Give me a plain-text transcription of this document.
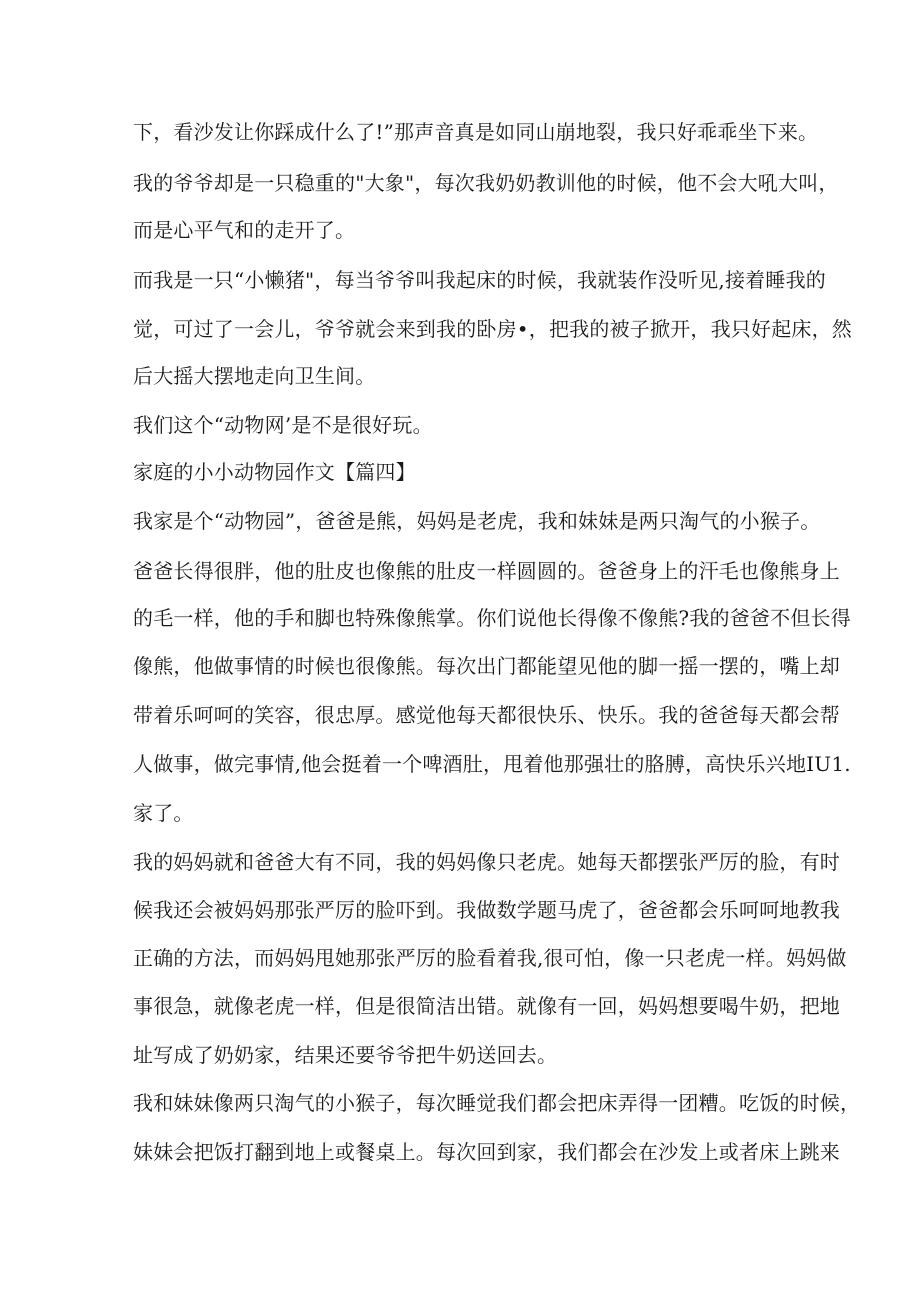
下，看沙发让你踩成什么了!”那声音真是如同山崩地裂，我只好乖乖坐下来。
我的爷爷却是一只稳重的"大象"，每次我奶奶教训他的时候，他不会大吼大叫，
而是心平气和的走开了。
而我是一只“小懒猪"，每当爷爷叫我起床的时候，我就装作没听见,接着睡我的
觉，可过了一会儿，爷爷就会来到我的卧房•，把我的被子掀开，我只好起床，然
后大摇大摆地走向卫生间。
我们这个“动物网’是不是很好玩。
家庭的小小动物园作文【篇四】
我家是个“动物园”，爸爸是熊，妈妈是老虎，我和妹妹是两只淘气的小猴子。
爸爸长得很胖，他的肚皮也像熊的肚皮一样圆圆的。爸爸身上的汗毛也像熊身上
的毛一样，他的手和脚也特殊像熊掌。你们说他长得像不像熊?我的爸爸不但长得
像熊，他做事情的时候也很像熊。每次出门都能望见他的脚一摇一摆的，嘴上却
带着乐呵呵的笑容，很忠厚。感觉他每天都很快乐、快乐。我的爸爸每天都会帮
人做事，做完事情,他会挺着一个啤酒肚，甩着他那强壮的胳膊，高快乐兴地IU1.
家了。
我的妈妈就和爸爸大有不同，我的妈妈像只老虎。她每天都摆张严厉的脸，有时
候我还会被妈妈那张严厉的脸吓到。我做数学题马虎了，爸爸都会乐呵呵地教我
正确的方法，而妈妈甩她那张严厉的脸看着我,很可怕，像一只老虎一样。妈妈做
事很急，就像老虎一样，但是很简洁出错。就像有一回，妈妈想要喝牛奶，把地
址写成了奶奶家，结果还要爷爷把牛奶送回去。
我和妹妹像两只淘气的小猴子，每次睡觉我们都会把床弄得一团糟。吃饭的时候，
妹妹会把饭打翻到地上或餐桌上。每次回到家，我们都会在沙发上或者床上跳来
